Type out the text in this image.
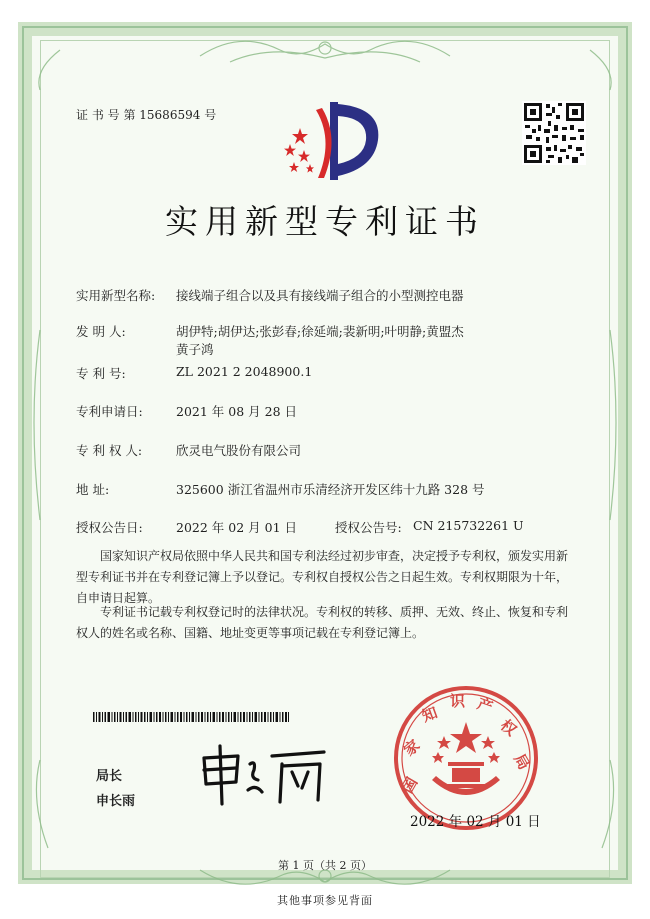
证 书 号 第 15686594 号
实用新型专利证书
实用新型名称: 接线端子组合以及具有接线端子组合的小型测控电器
发 明 人:	胡伊特;胡伊达;张彭春;徐延端;裴新明;叶明静;黄盟杰
黄子鸿
专 利 号:	ZL 2021 2 2048900.1
专利申请日:	2021 年 08 月 28 日
专 利 权 人:	欣灵电气股份有限公司
地 址:	325600 浙江省温州市乐清经济开发区纬十九路 328 号
授权公告日:	2022 年 02 月 01 日	授权公告号: CN 215732261 U
国家知识产权局依照中华人民共和国专利法经过初步审查，决定授予专利权，颁发实用新型专利证书并在专利登记簿上予以登记。专利权自授权公告之日起生效。专利权期限为十年，自申请日起算。
专利证书记载专利权登记时的法律状况。专利权的转移、质押、无效、终止、恢复和专利权人的姓名或名称、国籍、地址变更等事项记载在专利登记簿上。
国
家
知
识 产
权
局
局长
申长雨
2022 年 02 月 01 日
第 1 页（共 2 页）
其他事项参见背面
